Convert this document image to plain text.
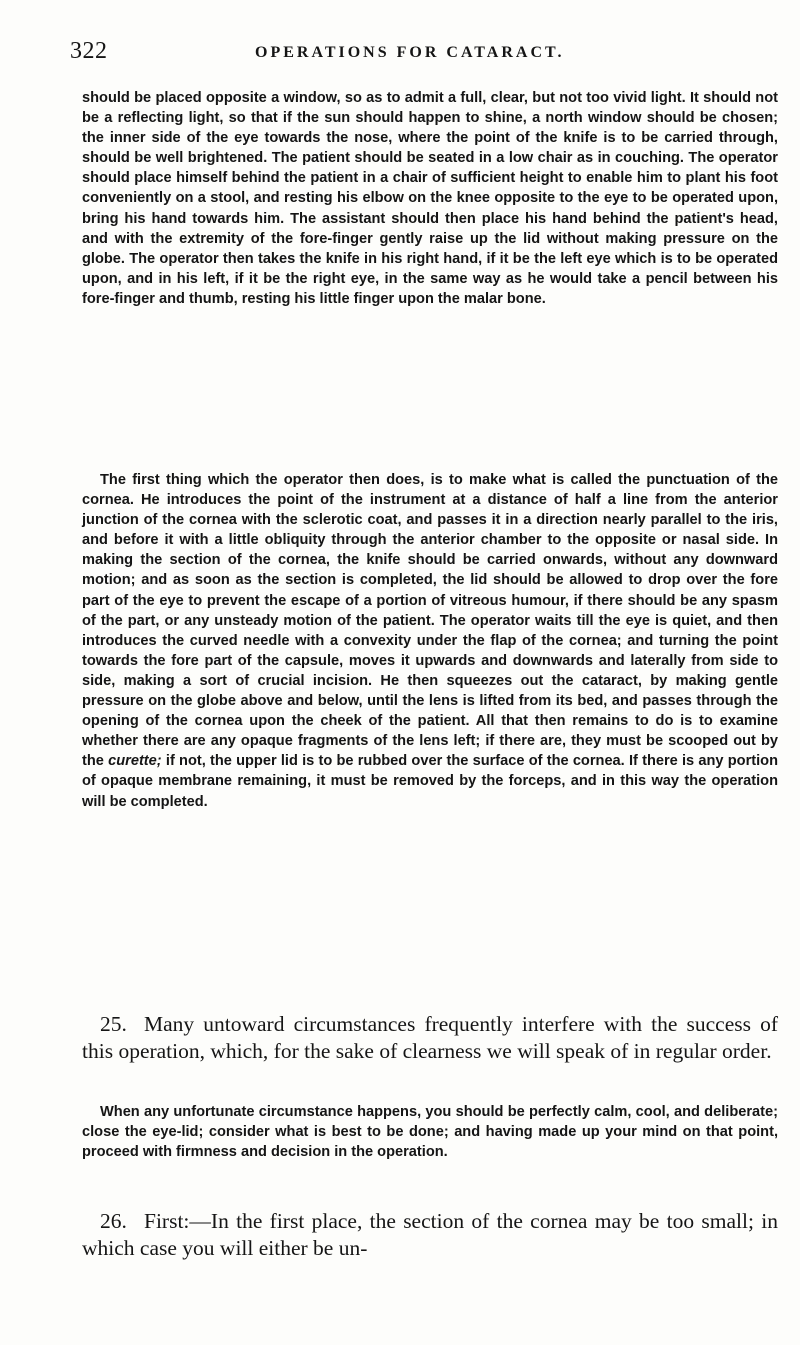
322	OPERATIONS FOR CATARACT.

should be placed opposite a window, so as to admit a full, clear, but not too vivid light. It should not be a reflecting light, so that if the sun should happen to shine, a north window should be chosen; the inner side of the eye towards the nose, where the point of the knife is to be carried through, should be well brightened. The patient should be seated in a low chair as in couching. The operator should place himself behind the patient in a chair of sufficient height to enable him to plant his foot conveniently on a stool, and resting his elbow on the knee opposite to the eye to be operated upon, bring his hand towards him. The assistant should then place his hand behind the patient's head, and with the extremity of the fore-finger gently raise up the lid without making pressure on the globe. The operator then takes the knife in his right hand, if it be the left eye which is to be operated upon, and in his left, if it be the right eye, in the same way as he would take a pencil between his fore-finger and thumb, resting his little finger upon the malar bone.

The first thing which the operator then does, is to make what is called the punctuation of the cornea. He introduces the point of the instrument at a distance of half a line from the anterior junction of the cornea with the sclerotic coat, and passes it in a direction nearly parallel to the iris, and before it with a little obliquity through the anterior chamber to the opposite or nasal side. In making the section of the cornea, the knife should be carried onwards, without any downward motion; and as soon as the section is completed, the lid should be allowed to drop over the fore part of the eye to prevent the escape of a portion of vitreous humour, if there should be any spasm of the part, or any unsteady motion of the patient. The operator waits till the eye is quiet, and then introduces the curved needle with a convexity under the flap of the cornea; and turning the point towards the fore part of the capsule, moves it upwards and downwards and laterally from side to side, making a sort of crucial incision. He then squeezes out the cataract, by making gentle pressure on the globe above and below, until the lens is lifted from its bed, and passes through the opening of the cornea upon the cheek of the patient. All that then remains to do is to examine whether there are any opaque fragments of the lens left; if there are, they must be scooped out by the curette; if not, the upper lid is to be rubbed over the surface of the cornea. If there is any portion of opaque membrane remaining, it must be removed by the forceps, and in this way the operation will be completed.

25. Many untoward circumstances frequently interfere with the success of this operation, which, for the sake of clearness we will speak of in regular order.

When any unfortunate circumstance happens, you should be perfectly calm, cool, and deliberate; close the eye-lid; consider what is best to be done; and having made up your mind on that point, proceed with firmness and decision in the operation.

26. First:—In the first place, the section of the cornea may be too small; in which case you will either be un-
